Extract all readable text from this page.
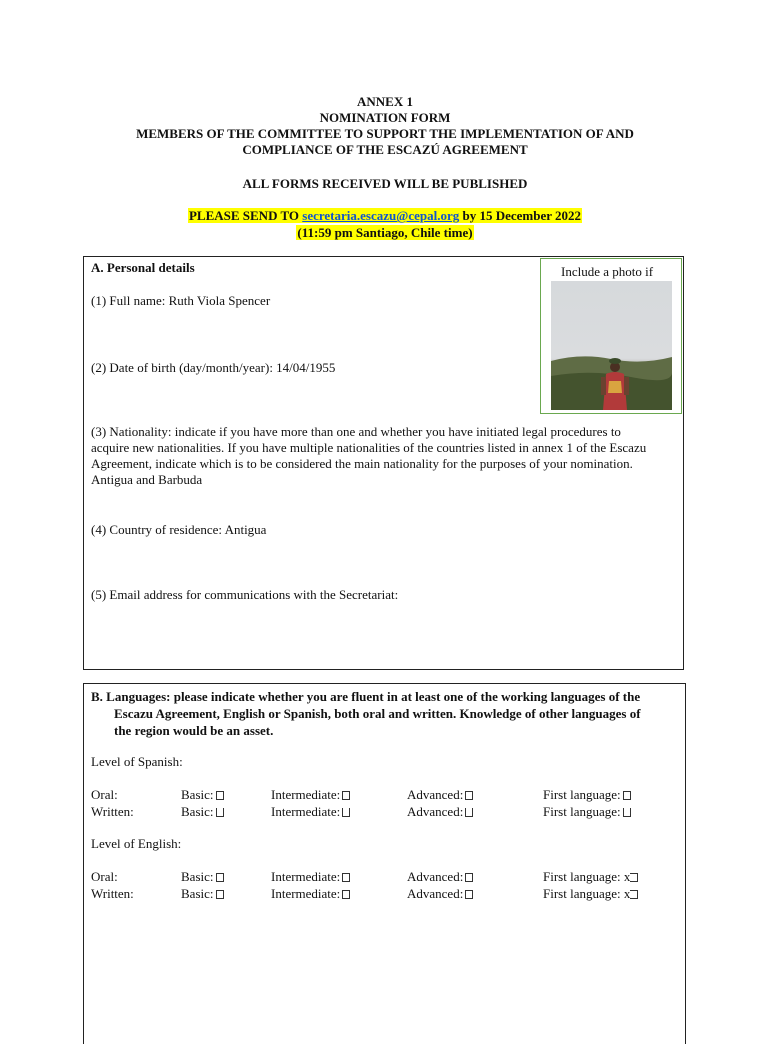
ANNEX 1
NOMINATION FORM
MEMBERS OF THE COMMITTEE TO SUPPORT THE IMPLEMENTATION OF AND
COMPLIANCE OF THE ESCAZÚ AGREEMENT
ALL FORMS RECEIVED WILL BE PUBLISHED
PLEASE SEND TO secretaria.escazu@cepal.org by 15 December 2022
(11:59 pm Santiago, Chile time)
A. Personal details	Include a photo if
(1) Full name: Ruth Viola Spencer
(2) Date of birth (day/month/year): 14/04/1955
(3) Nationality: indicate if you have more than one and whether you have initiated legal procedures to
acquire new nationalities. If you have multiple nationalities of the countries listed in annex 1 of the Escazu
Agreement, indicate which is to be considered the main nationality for the purposes of your nomination.
Antigua and Barbuda
(4) Country of residence: Antigua
(5) Email address for communications with the Secretariat:
B. Languages: please indicate whether you are fluent in at least one of the working languages of the
Escazu Agreement, English or Spanish, both oral and written. Knowledge of other languages of
the region would be an asset.
Level of Spanish:
Oral:	Basic:	Intermediate:	Advanced:	First language:
Written:	Basic:	Intermediate:	Advanced:	First language:
Level of English:
Oral:	Basic:	Intermediate:	Advanced:	First language: x
Written:	Basic:	Intermediate:	Advanced:	First language: x
